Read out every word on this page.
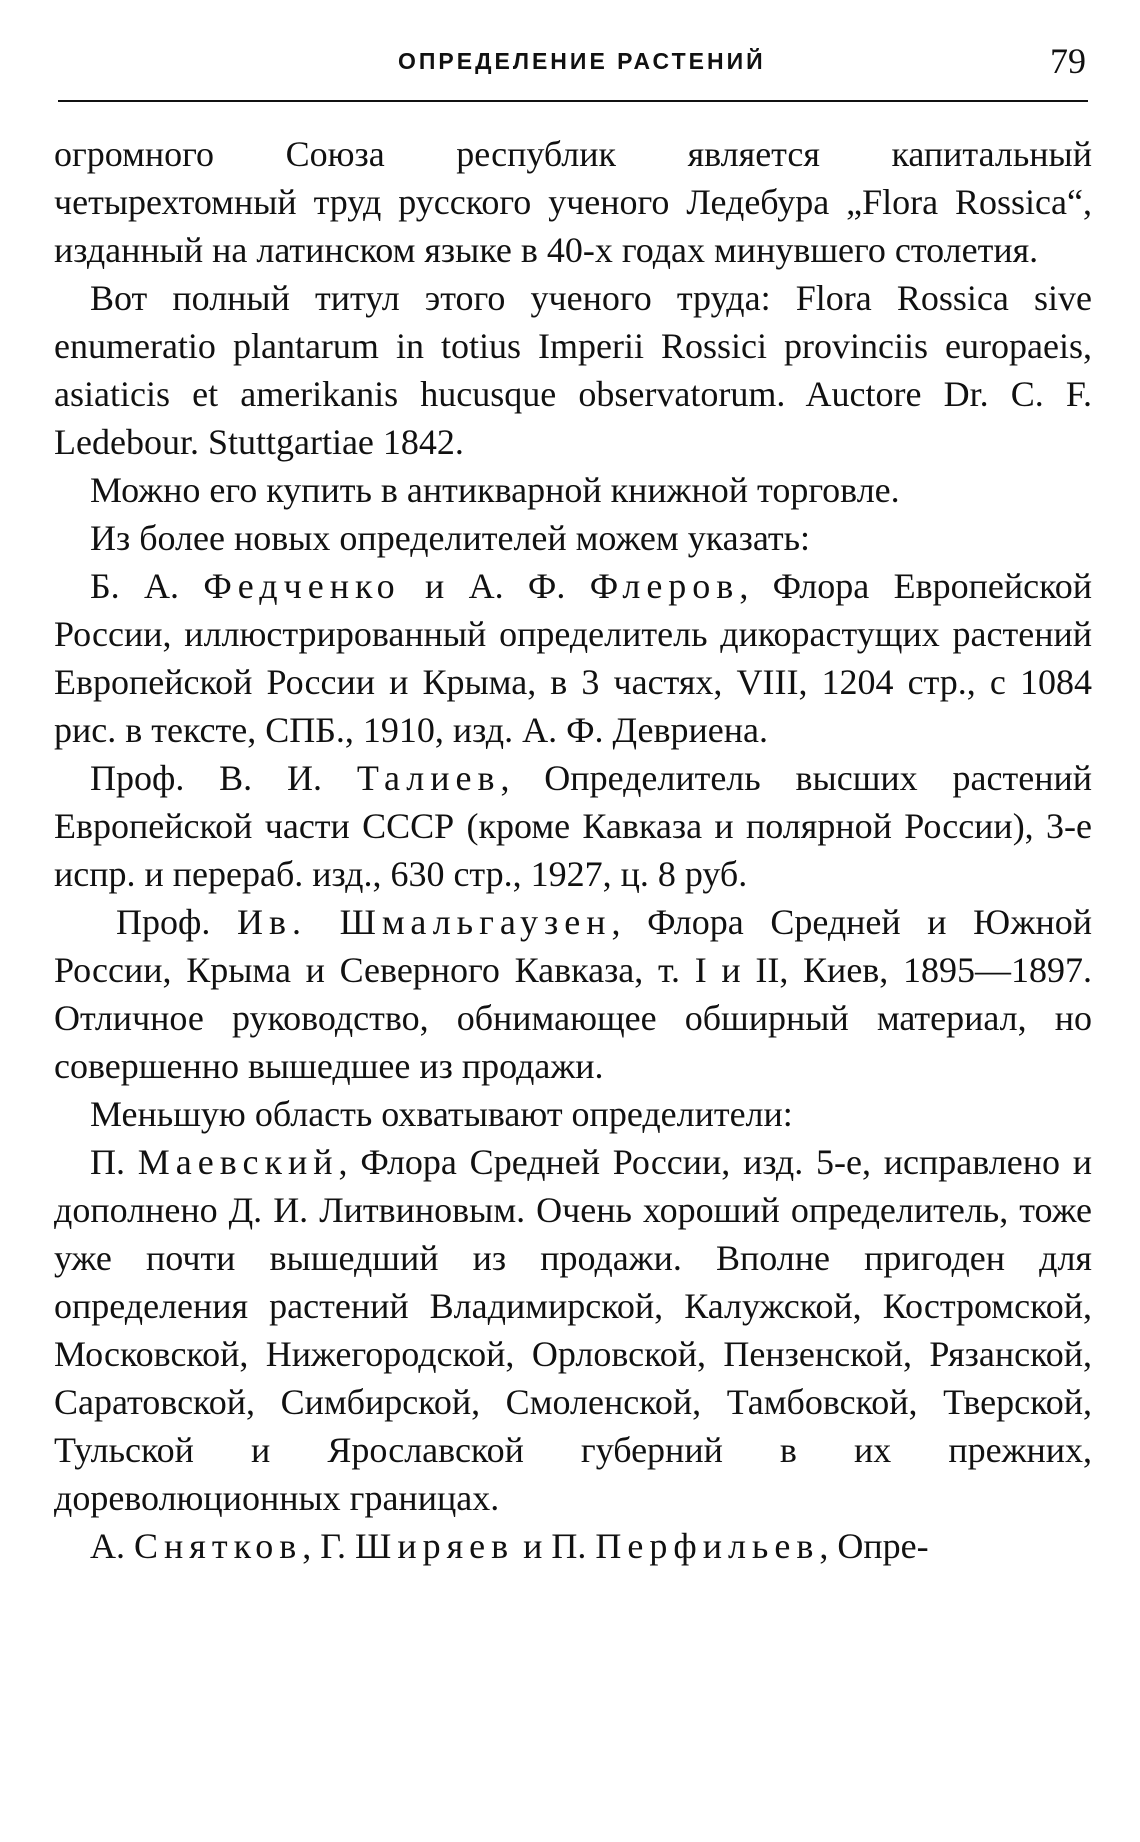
ОПРЕДЕЛЕНИЕ РАСТЕНИЙ	79

огромного Союза республик является капитальный четырехтомный труд русского ученого Ледебура „Flora Rossica“, изданный на латинском языке в 40-х годах минувшего столетия.

Вот полный титул этого ученого труда: Flora Rossica sive enumeratio plantarum in totius Imperii Rossici provinciis europaeis, asiaticis et amerikanis hucusque observatorum. Auctore Dr. C. F. Ledebour. Stuttgartiae 1842.

Можно его купить в антикварной книжной торговле.

Из более новых определителей можем указать:

Б. А. Федченко и А. Ф. Флеров, Флора Европейской России, иллюстрированный определитель дикорастущих растений Европейской России и Крыма, в 3 частях, VIII, 1204 стр., с 1084 рис. в тексте, СПБ., 1910, изд. А. Ф. Девриена.

Проф. В. И. Талиев, Определитель высших растений Европейской части СССР (кроме Кавказа и полярной России), 3-е испр. и перераб. изд., 630 стр., 1927, ц. 8 руб.

Проф. Ив. Шмальгаузен, Флора Средней и Южной России, Крыма и Северного Кавказа, т. I и II, Киев, 1895—1897. Отличное руководство, обнимающее обширный материал, но совершенно вышедшее из продажи.

Меньшую область охватывают определители:

П. Маевский, Флора Средней России, изд. 5-е, исправлено и дополнено Д. И. Литвиновым. Очень хороший определитель, тоже уже почти вышедший из продажи. Вполне пригоден для определения растений Владимирской, Калужской, Костромской, Московской, Нижегородской, Орловской, Пензенской, Рязанской, Саратовской, Симбирской, Смоленской, Тамбовской, Тверской, Тульской и Ярославской губерний в их прежних, дореволюционных границах.

А. Снятков, Г. Ширяев и П. Перфильев, Опре-
